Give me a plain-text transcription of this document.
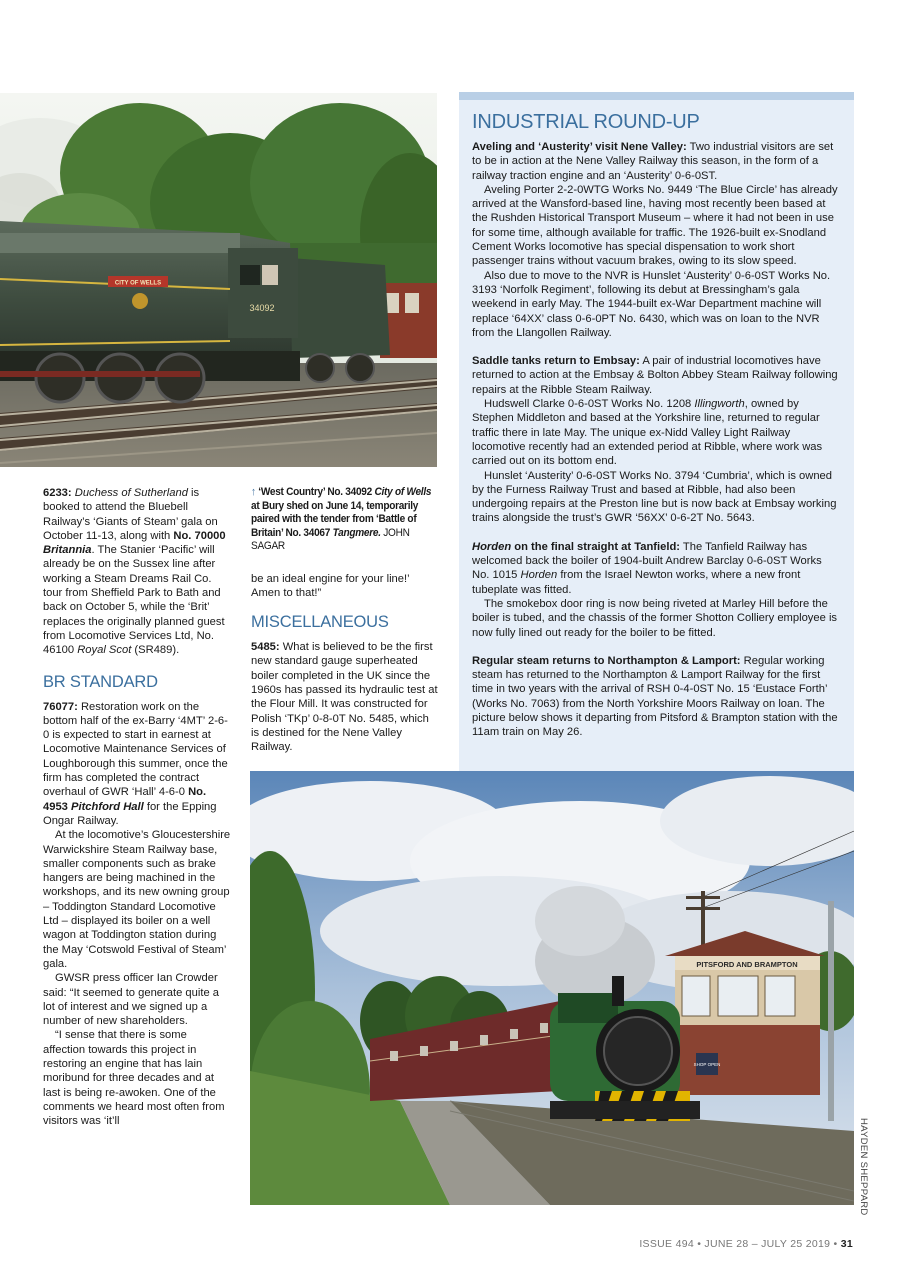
CITY OF WELLS
34092
INDUSTRIAL ROUND-UP

Aveling and ‘Austerity’ visit Nene Valley: Two industrial visitors are set to be in action at the Nene Valley Railway this season, in the form of a railway traction engine and an ‘Austerity’ 0-6-0ST.

Aveling Porter 2-2-0WTG Works No. 9449 ‘The Blue Circle’ has already arrived at the Wansford-based line, having most recently been based at the Rushden Historical Transport Museum – where it had not been in use for some time, although available for traffic. The 1926-built ex-Snodland Cement Works locomotive has special dispensation to work short passenger trains without vacuum brakes, owing to its slow speed.

Also due to move to the NVR is Hunslet ‘Austerity’ 0-6-0ST Works No. 3193 ‘Norfolk Regiment’, following its debut at Bressingham’s gala weekend in early May. The 1944-built ex-War Department machine will replace ‘64XX’ class 0-6-0PT No. 6430, which was on loan to the NVR from the Llangollen Railway.

Saddle tanks return to Embsay: A pair of industrial locomotives have returned to action at the Embsay & Bolton Abbey Steam Railway following repairs at the Ribble Steam Railway.

Hudswell Clarke 0-6-0ST Works No. 1208 Illingworth, owned by Stephen Middleton and based at the Yorkshire line, returned to regular traffic there in late May. The unique ex-Nidd Valley Light Railway locomotive recently had an extended period at Ribble, where work was carried out on its bottom end.

Hunslet ‘Austerity’ 0-6-0ST Works No. 3794 ‘Cumbria’, which is owned by the Furness Railway Trust and based at Ribble, had also been undergoing repairs at the Preston line but is now back at Embsay working trains alongside the trust’s GWR ‘56XX’ 0-6-2T No. 5643.

Horden on the final straight at Tanfield: The Tanfield Railway has welcomed back the boiler of 1904-built Andrew Barclay 0-6-0ST Works No. 1015 Horden from the Israel Newton works, where a new front tubeplate was fitted.

The smokebox door ring is now being riveted at Marley Hill before the boiler is tubed, and the chassis of the former Shotton Colliery employee is now fully lined out ready for the boiler to be fitted.

Regular steam returns to Northampton & Lamport: Regular working steam has returned to the Northampton & Lamport Railway for the first time in two years with the arrival of RSH 0-4-0ST No. 15 ‘Eustace Forth’ (Works No. 7063) from the North Yorkshire Moors Railway on loan. The picture below shows it departing from Pitsford & Brampton station with the 11am train on May 26.

6233: Duchess of Sutherland is booked to attend the Bluebell Railway’s ‘Giants of Steam’ gala on October 11-13, along with No. 70000 Britannia. The Stanier ‘Pacific’ will already be on the Sussex line after working a Steam Dreams Rail Co. tour from Sheffield Park to Bath and back on October 5, while the ‘Brit’ replaces the originally planned guest from Locomotive Services Ltd, No. 46100 Royal Scot (SR489).

BR STANDARD

76077: Restoration work on the bottom half of the ex-Barry ‘4MT’ 2-6-0 is expected to start in earnest at Locomotive Maintenance Services of Loughborough this summer, once the firm has completed the contract overhaul of GWR ‘Hall’ 4-6-0 No. 4953 Pitchford Hall for the Epping Ongar Railway.

At the locomotive’s Gloucestershire Warwickshire Steam Railway base, smaller components such as brake hangers are being machined in the workshops, and its new owning group – Toddington Standard Locomotive Ltd – displayed its boiler on a well wagon at Toddington station during the May ‘Cotswold Festival of Steam’ gala.

GWSR press officer Ian Crowder said: “It seemed to generate quite a lot of interest and we signed up a number of new shareholders.

“I sense that there is some affection towards this project in restoring an engine that has lain moribund for three decades and at last is being re-awoken. One of the comments we heard most often from visitors was ‘it’ll

↑ ‘West Country’ No. 34092 City of Wells at Bury shed on June 14, temporarily paired with the tender from ‘Battle of Britain’ No. 34067 Tangmere. JOHN SAGAR

be an ideal engine for your line!’ Amen to that!”

MISCELLANEOUS

5485: What is believed to be the first new standard gauge superheated boiler completed in the UK since the 1960s has passed its hydraulic test at the Flour Mill. It was constructed for Polish ‘TKp’ 0-8-0T No. 5485, which is destined for the Nene Valley Railway.

PITSFORD AND BRAMPTON
SHOP OPEN
HAYDEN SHEPPARD
ISSUE 494 • JUNE 28 – JULY 25 2019 • 31
